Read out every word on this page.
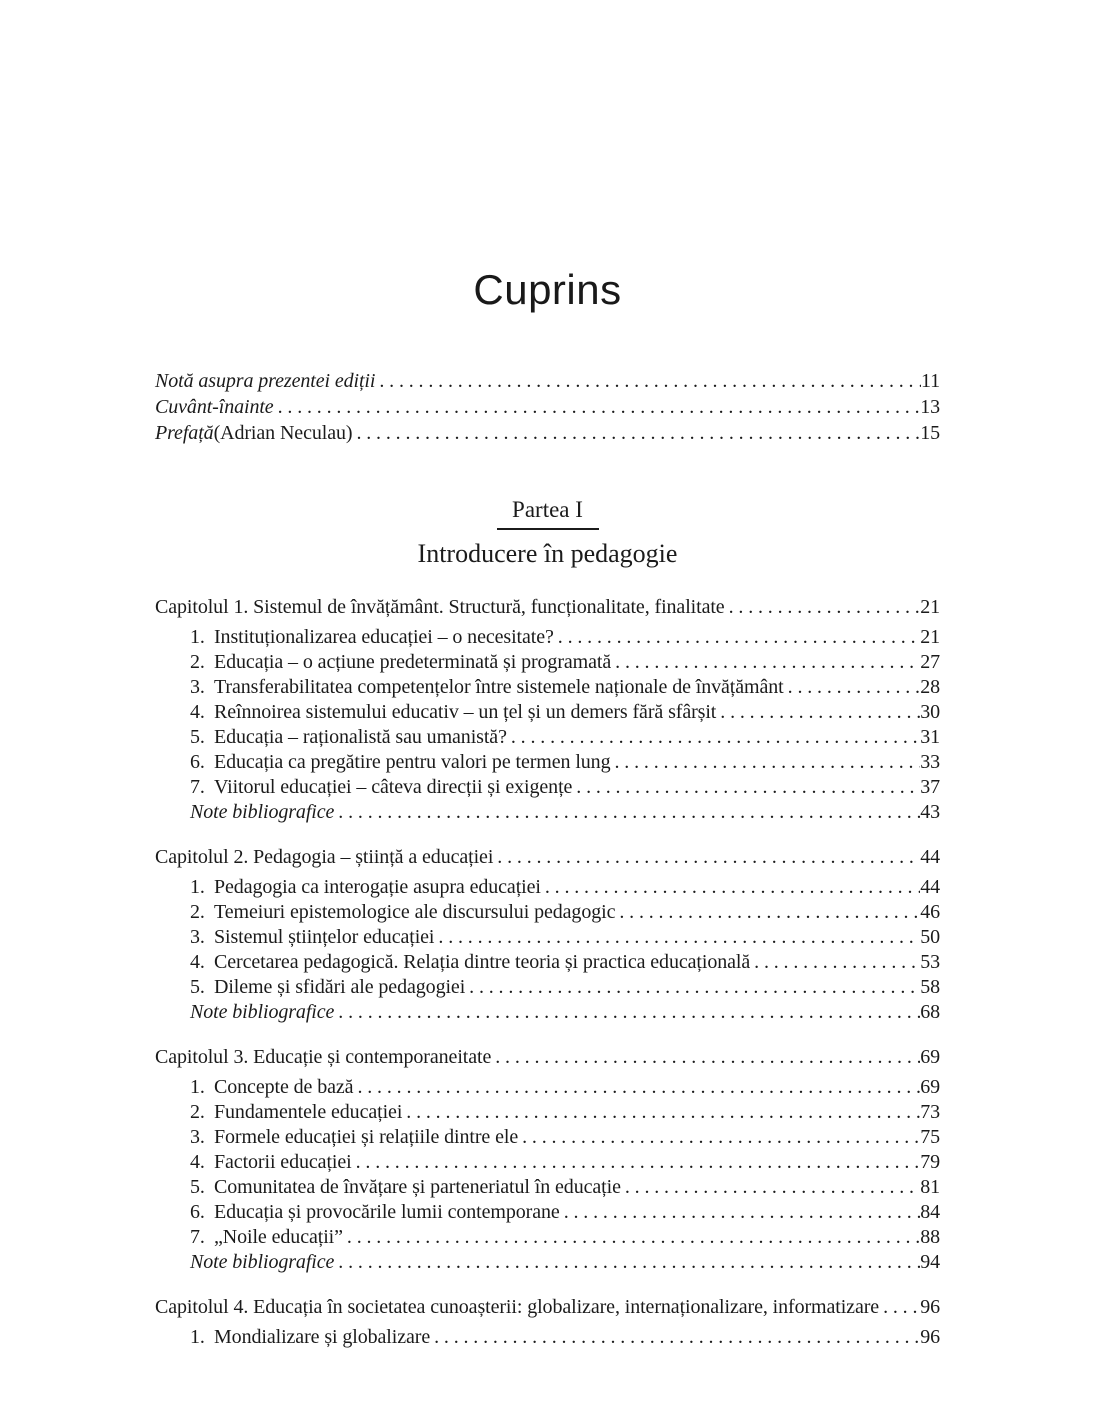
Cuprins
Notă asupra prezentei ediții . . .	11
Cuvânt-înainte . . .	13
Prefață (Adrian Neculau) . . .	15
Partea I
Introducere în pedagogie
Capitolul 1. Sistemul de învățământ. Structură, funcționalitate, finalitate . . .	21
1. Instituționalizarea educației – o necesitate? . . .	21
2. Educația – o acțiune predeterminată și programată . . .	27
3. Transferabilitatea competențelor între sistemele naționale de învățământ . . .	28
4. Reînnoirea sistemului educativ – un țel și un demers fără sfârșit . . .	30
5. Educația – raționalistă sau umanistă? . . .	31
6. Educația ca pregătire pentru valori pe termen lung . . .	33
7. Viitorul educației – câteva direcții și exigențe . . .	37
Note bibliografice . . .	43
Capitolul 2. Pedagogia – știință a educației . . .	44
1. Pedagogia ca interogație asupra educației . . .	44
2. Temeiuri epistemologice ale discursului pedagogic . . .	46
3. Sistemul științelor educației . . .	50
4. Cercetarea pedagogică. Relația dintre teoria și practica educațională . . .	53
5. Dileme și sfidări ale pedagogiei . . .	58
Note bibliografice . . .	68
Capitolul 3. Educație și contemporaneitate . . .	69
1. Concepte de bază . . .	69
2. Fundamentele educației . . .	73
3. Formele educației și relațiile dintre ele . . .	75
4. Factorii educației . . .	79
5. Comunitatea de învățare și parteneriatul în educație . . .	81
6. Educația și provocările lumii contemporane . . .	84
7. „Noile educații” . . .	88
Note bibliografice . . .	94
Capitolul 4. Educația în societatea cunoașterii: globalizare, internaționalizare, informatizare . . . 96
1. Mondializare și globalizare . . .	96
